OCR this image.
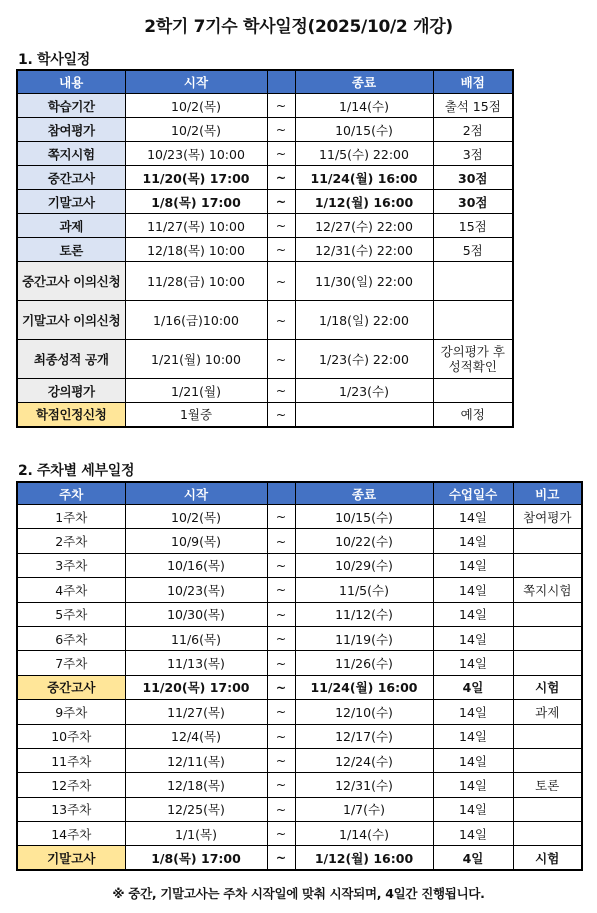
2학기 7기수 학사일정(2025/10/2 개강)
1. 학사일정
내용	시작		종료	배점
학습기간	10/2(목)	~	1/14(수)	출석 15점
참여평가	10/2(목)	~	10/15(수)	2점
쪽지시험	10/23(목) 10:00	~	11/5(수) 22:00	3점
중간고사	11/20(목) 17:00	~	11/24(월) 16:00	30점
기말고사	1/8(목) 17:00	~	1/12(월) 16:00	30점
과제	11/27(목) 10:00	~	12/27(수) 22:00	15점
토론	12/18(목) 10:00	~	12/31(수) 22:00	5점
중간고사 이의신청	11/28(금) 10:00	~	11/30(일) 22:00	
기말고사 이의신청	1/16(금)10:00	~	1/18(일) 22:00	
최종성적 공개	1/21(월) 10:00	~	1/23(수) 22:00	강의평가 후 성적확인
강의평가	1/21(월)	~	1/23(수)	
학점인정신청	1월중	~		예정
2. 주차별 세부일정
주차	시작		종료	수업일수	비고
1주차	10/2(목)	~	10/15(수)	14일	참여평가
2주차	10/9(목)	~	10/22(수)	14일	
3주차	10/16(목)	~	10/29(수)	14일	
4주차	10/23(목)	~	11/5(수)	14일	쪽지시험
5주차	10/30(목)	~	11/12(수)	14일	
6주차	11/6(목)	~	11/19(수)	14일	
7주차	11/13(목)	~	11/26(수)	14일	
중간고사	11/20(목) 17:00	~	11/24(월) 16:00	4일	시험
9주차	11/27(목)	~	12/10(수)	14일	과제
10주차	12/4(목)	~	12/17(수)	14일	
11주차	12/11(목)	~	12/24(수)	14일	
12주차	12/18(목)	~	12/31(수)	14일	토론
13주차	12/25(목)	~	1/7(수)	14일	
14주차	1/1(목)	~	1/14(수)	14일	
기말고사	1/8(목) 17:00	~	1/12(월) 16:00	4일	시험
※ 중간, 기말고사는 주차 시작일에 맞춰 시작되며, 4일간 진행됩니다.
